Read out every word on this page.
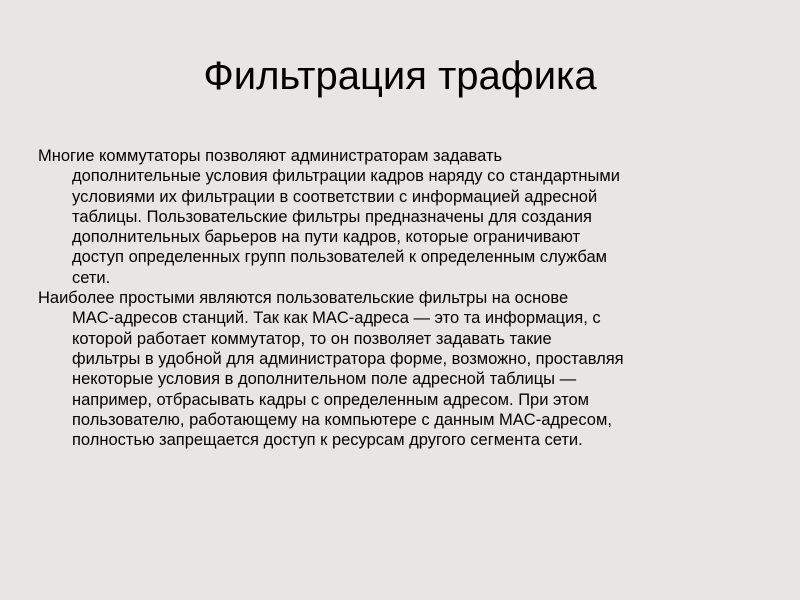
Фильтрация трафика

Многие коммутаторы позволяют администраторам задавать
дополнительные условия фильтрации кадров наряду со стандартными
условиями их фильтрации в соответствии с информацией адресной
таблицы. Пользовательские фильтры предназначены для создания
дополнительных барьеров на пути кадров, которые ограничивают
доступ определенных групп пользователей к определенным службам
сети.

Наиболее простыми являются пользовательские фильтры на основе
MAC-адресов станций. Так как MAC-адреса — это та информация, с
которой работает коммутатор, то он позволяет задавать такие
фильтры в удобной для администратора форме, возможно, проставляя
некоторые условия в дополнительном поле адресной таблицы —
например, отбрасывать кадры с определенным адресом. При этом
пользователю, работающему на компьютере с данным MAC-адресом,
полностью запрещается доступ к ресурсам другого сегмента сети.
